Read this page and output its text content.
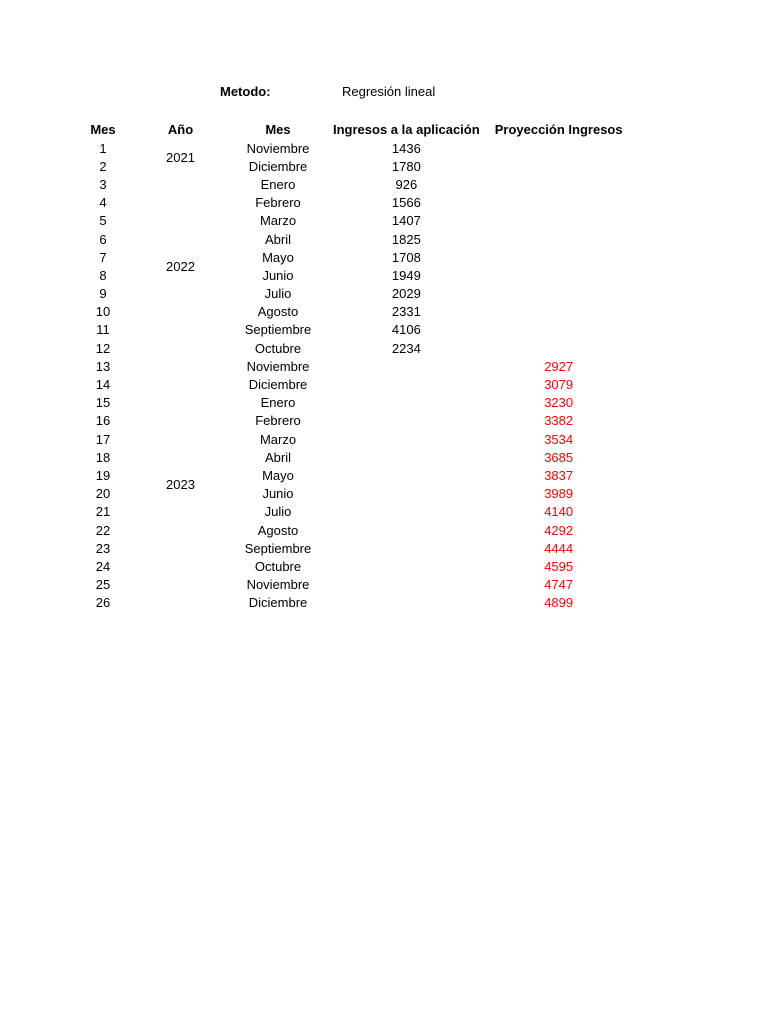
Metodo:	Regresión lineal
Mes	Año	Mes	Ingresos a la aplicación	Proyección Ingresos
1	2021	Noviembre	1436	
2		Diciembre	1780	
3	2022	Enero	926	
4		Febrero	1566	
5		Marzo	1407	
6		Abril	1825	
7		Mayo	1708	
8		Junio	1949	
9		Julio	2029	
10		Agosto	2331	
11		Septiembre	4106	
12		Octubre	2234	
13	2023	Noviembre		2927
14		Diciembre		3079
15		Enero		3230
16		Febrero		3382
17		Marzo		3534
18		Abril		3685
19		Mayo		3837
20		Junio		3989
21		Julio		4140
22		Agosto		4292
23		Septiembre		4444
24		Octubre		4595
25		Noviembre		4747
26		Diciembre		4899
